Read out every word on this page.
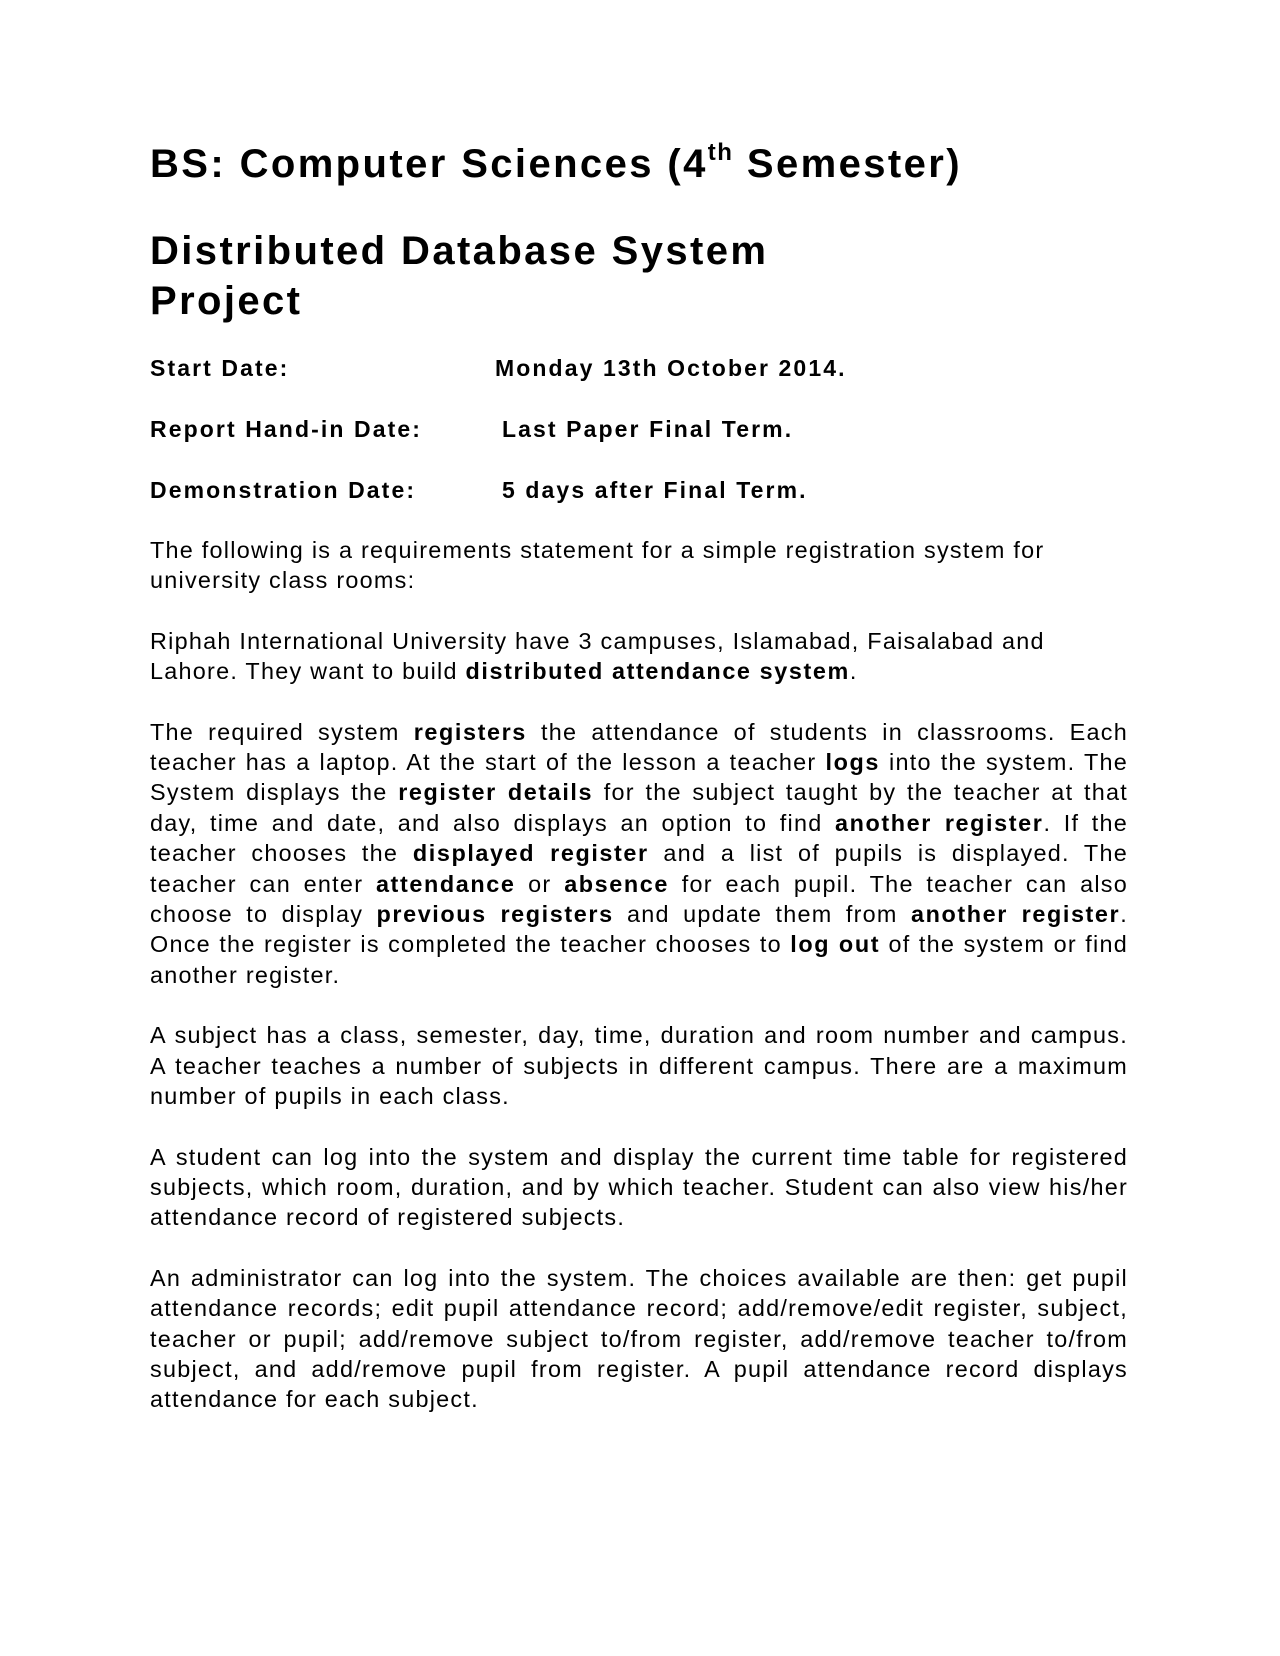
BS: Computer Sciences (4th Semester)
Distributed Database System
Project
Start Date:	Monday 13th October 2014.
Report Hand-in Date:	Last Paper Final Term.
Demonstration Date:	5 days after Final Term.

The following is a requirements statement for a simple registration system for university class rooms:

Riphah International University have 3 campuses, Islamabad, Faisalabad and Lahore. They want to build distributed attendance system.

The required system registers the attendance of students in classrooms. Each teacher has a laptop. At the start of the lesson a teacher logs into the system. The System displays the register details for the subject taught by the teacher at that day, time and date, and also displays an option to find another register. If the teacher chooses the displayed register and a list of pupils is displayed. The teacher can enter attendance or absence for each pupil. The teacher can also choose to display previous registers and update them from another register. Once the register is completed the teacher chooses to log out of the system or find another register.

A subject has a class, semester, day, time, duration and room number and campus. A teacher teaches a number of subjects in different campus. There are a maximum number of pupils in each class.

A student can log into the system and display the current time table for registered subjects, which room, duration, and by which teacher. Student can also view his/her attendance record of registered subjects.

An administrator can log into the system. The choices available are then: get pupil attendance records; edit pupil attendance record; add/remove/edit register, subject, teacher or pupil; add/remove subject to/from register, add/remove teacher to/from subject, and add/remove pupil from register. A pupil attendance record displays attendance for each subject.
